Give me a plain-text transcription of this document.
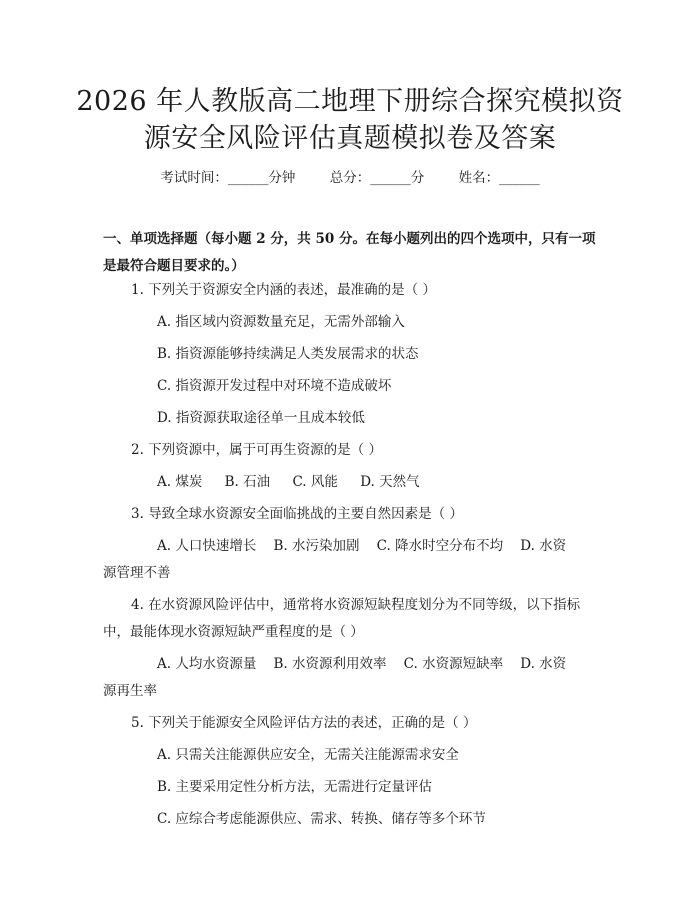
2026 年人教版高二地理下册综合探究模拟资
源安全风险评估真题模拟卷及答案
考试时间：______分钟	总分：______分	姓名：______
一、单项选择题（每小题 2 分，共 50 分。在每小题列出的四个选项中，只有一项
是最符合题目要求的。）
1. 下列关于资源安全内涵的表述，最准确的是（ ）
A. 指区域内资源数量充足，无需外部输入
B. 指资源能够持续满足人类发展需求的状态
C. 指资源开发过程中对环境不造成破坏
D. 指资源获取途径单一且成本较低
2. 下列资源中，属于可再生资源的是（ ）
A. 煤炭 B. 石油 C. 风能 D. 天然气
3. 导致全球水资源安全面临挑战的主要自然因素是（ ）
A. 人口快速增长    B. 水污染加剧    C. 降水时空分布不均    D. 水资
源管理不善
4. 在水资源风险评估中，通常将水资源短缺程度划分为不同等级，以下指标
中，最能体现水资源短缺严重程度的是（ ）
A. 人均水资源量    B. 水资源利用效率    C. 水资源短缺率    D. 水资
源再生率
5. 下列关于能源安全风险评估方法的表述，正确的是（ ）
A. 只需关注能源供应安全，无需关注能源需求安全
B. 主要采用定性分析方法，无需进行定量评估
C. 应综合考虑能源供应、需求、转换、储存等多个环节
